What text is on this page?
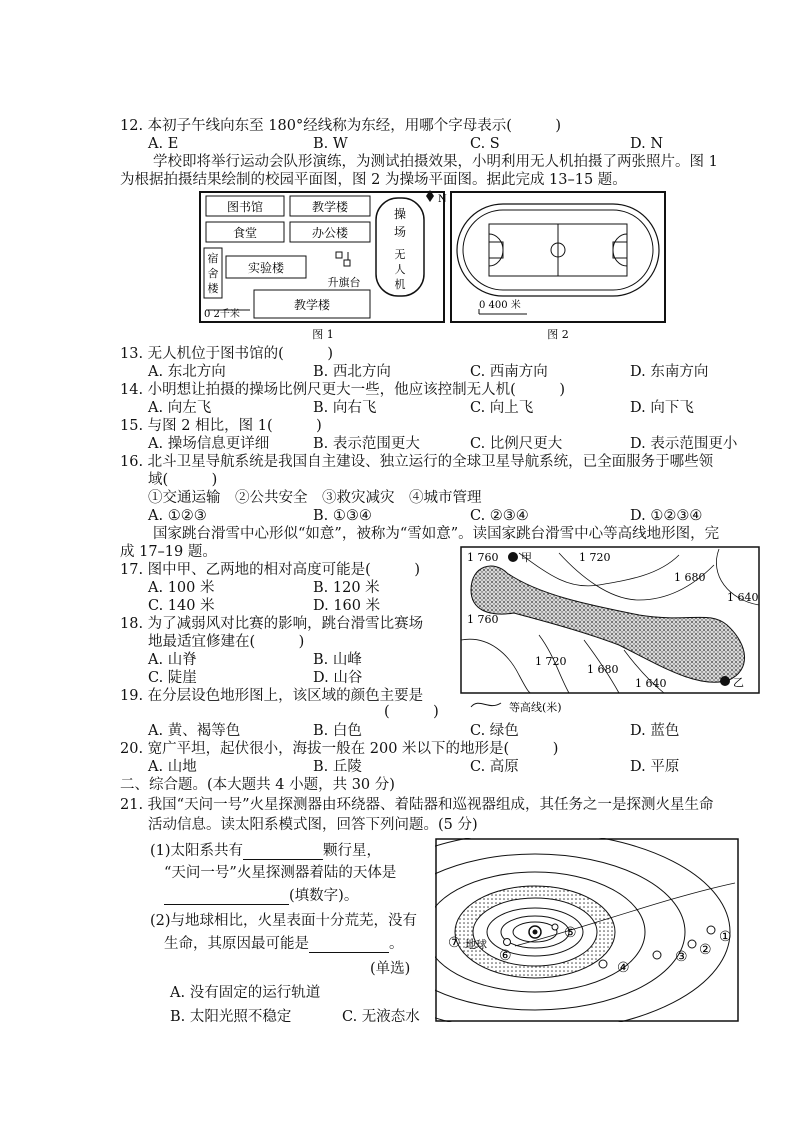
12. 本初子午线向东至 180°经线称为东经，用哪个字母表示(　　　)
A. E	B. W	C. S	D. N
学校即将举行运动会队形演练，为测试拍摄效果，小明利用无人机拍摄了两张照片。图 1
为根据拍摄结果绘制的校园平面图，图 2 为操场平面图。据此完成 13–15 题。
图书馆	教学楼
食堂	办公楼
宿
舍
楼
实验楼
升旗台
教学楼
操
场
无
人
机
0 2千米
N
图 1
0 400 米
图 2
13. 无人机位于图书馆的(　　　)
A. 东北方向	B. 西北方向	C. 西南方向	D. 东南方向
14. 小明想让拍摄的操场比例尺更大一些，他应该控制无人机(　　　)
A. 向左飞	B. 向右飞	C. 向上飞	D. 向下飞
15. 与图 2 相比，图 1(　　　)
A. 操场信息更详细	B. 表示范围更大	C. 比例尺更大	D. 表示范围更小
16. 北斗卫星导航系统是我国自主建设、独立运行的全球卫星导航系统，已全面服务于哪些领
域(　　　)
①交通运输　②公共安全　③救灾减灾　④城市管理
A. ①②③	B. ①③④	C. ②③④	D. ①②③④
国家跳台滑雪中心形似“如意”，被称为“雪如意”。读国家跳台滑雪中心等高线地形图，完
成 17–19 题。
17. 图中甲、乙两地的相对高度可能是(　　　)
A. 100 米	B. 120 米
C. 140 米	D. 160 米
18. 为了减弱风对比赛的影响，跳台滑雪比赛场
地最适宜修建在(　　　)
A. 山脊	B. 山峰
C. 陡崖	D. 山谷
19. 在分层设色地形图上，该区域的颜色主要是
(　　　)
A. 黄、褐等色	B. 白色	C. 绿色	D. 蓝色
1 760 甲	1 720
1 680
1 640
1 760
1 720
1 680
1 640	乙
等高线(米)
20. 宽广平坦，起伏很小，海拔一般在 200 米以下的地形是(　　　)
A. 山地	B. 丘陵	C. 高原	D. 平原
二、综合题。(本大题共 4 小题，共 30 分)
21. 我国“天问一号”火星探测器由环绕器、着陆器和巡视器组成，其任务之一是探测火星生命
活动信息。读太阳系模式图，回答下列问题。(5 分)
(1)太阳系共有	颗行星，
“天问一号”火星探测器着陆的天体是
(填数字)。
(2)与地球相比，火星表面十分荒芜，没有
生命，其原因最可能是	。
(单选)
A. 没有固定的运行轨道
B. 太阳光照不稳定	C. 无液态水
⑤
⑥
⑦ 地球
④
③ ②
①
